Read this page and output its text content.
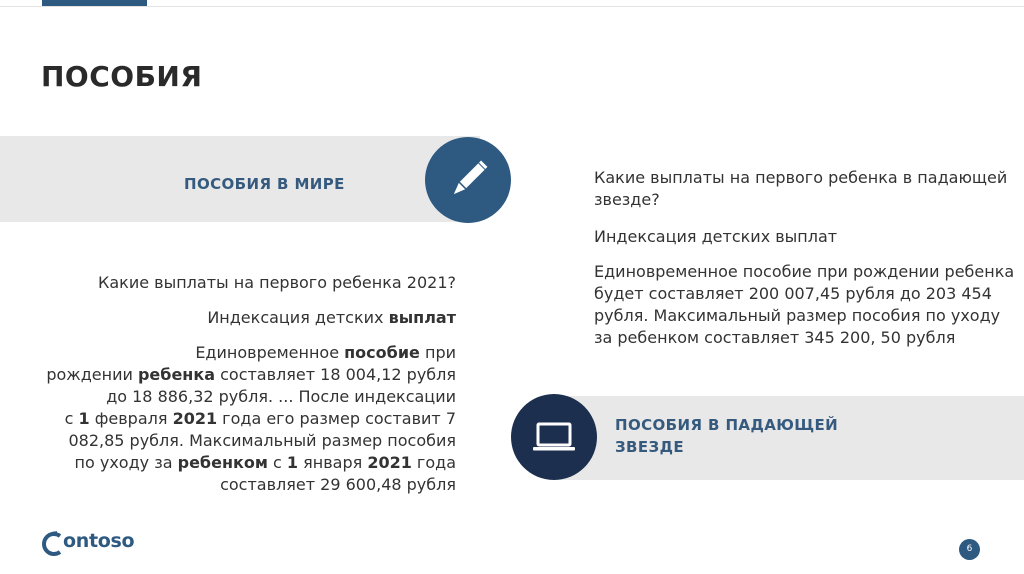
ПОСОБИЯ
ПОСОБИЯ В МИРЕ

Какие выплаты на первого ребенка 2021?

Индексация детских выплат

Единовременное пособие при
рождении ребенка составляет 18 004,12 рубля
до 18 886,32 рубля. ... После индексации
с 1 февраля 2021 года его размер составит 7
082,85 рубля. Максимальный размер пособия
по уходу за ребенком с 1 января 2021 года
составляет 29 600,48 рубля

Какие выплаты на первого ребенка в падающей звезде?

Индексация детских выплат

Единовременное пособие при рождении ребенка будет составляет 200 007,45 рубля до 203 454 рубля. Максимальный размер пособия по уходу за ребенком составляет 345 200, 50 рубля

ПОСОБИЯ В ПАДАЮЩЕЙ ЗВЕЗДЕ
ontoso	6
